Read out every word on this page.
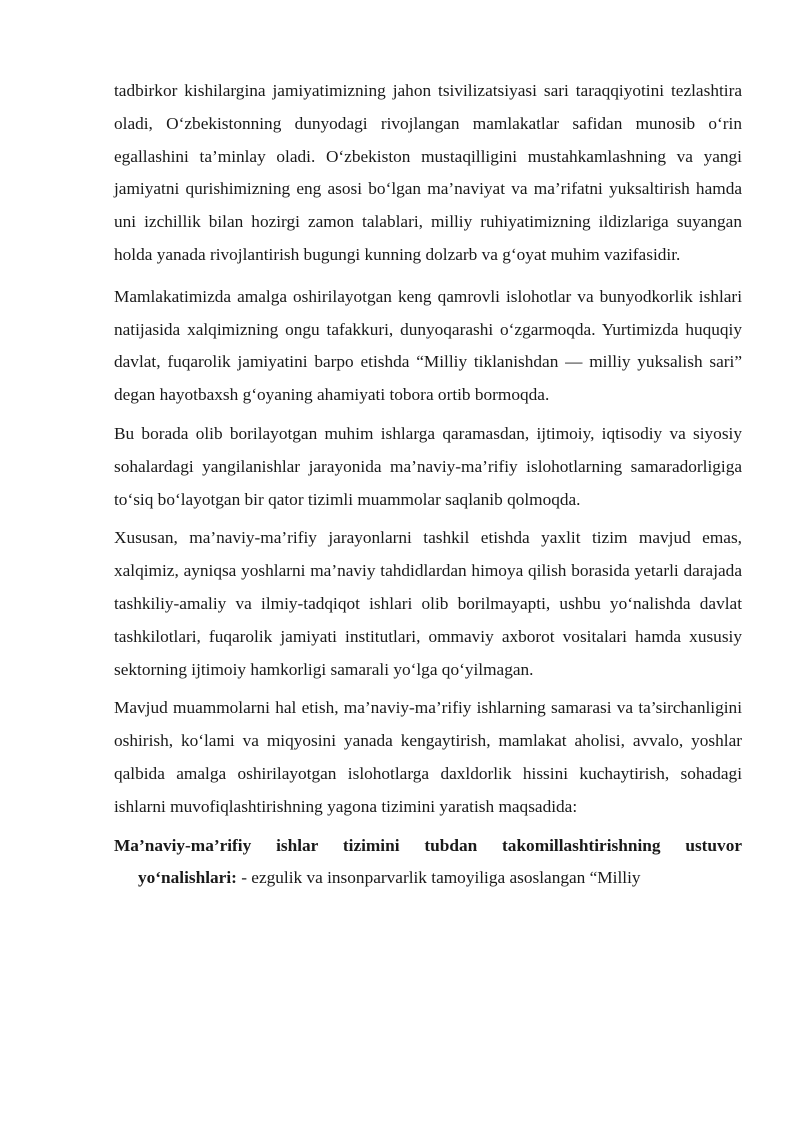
tadbirkor kishilargina jamiyatimizning jahon tsivilizatsiyasi sari taraqqiyotini tezlashtira oladi, O‘zbekistonning dunyodagi rivojlangan mamlakatlar safidan munosib o‘rin egallashini ta’minlay oladi. O‘zbekiston mustaqilligini mustahkamlashning va yangi jamiyatni qurishimizning eng asosi bo‘lgan ma’naviyat va ma’rifatni yuksaltirish hamda uni izchillik bilan hozirgi zamon talablari, milliy ruhiyatimizning ildizlariga suyangan holda yanada rivojlantirish bugungi kunning dolzarb va g‘oyat muhim vazifasidir.

Mamlakatimizda amalga oshirilayotgan keng qamrovli islohotlar va bunyodkorlik ishlari natijasida xalqimizning ongu tafakkuri, dunyoqarashi o‘zgarmoqda. Yurtimizda huquqiy davlat, fuqarolik jamiyatini barpo etishda “Milliy tiklanishdan — milliy yuksalish sari” degan hayotbaxsh g‘oyaning ahamiyati tobora ortib bormoqda.

Bu borada olib borilayotgan muhim ishlarga qaramasdan, ijtimoiy, iqtisodiy va siyosiy sohalardagi yangilanishlar jarayonida ma’naviy-ma’rifiy islohotlarning samaradorligiga to‘siq bo‘layotgan bir qator tizimli muammolar saqlanib qolmoqda.

Xususan, ma’naviy-ma’rifiy jarayonlarni tashkil etishda yaxlit tizim mavjud emas, xalqimiz, ayniqsa yoshlarni ma’naviy tahdidlardan himoya qilish borasida yetarli darajada tashkiliy-amaliy va ilmiy-tadqiqot ishlari olib borilmayapti, ushbu yo‘nalishda davlat tashkilotlari, fuqarolik jamiyati institutlari, ommaviy axborot vositalari hamda xususiy sektorning ijtimoiy hamkorligi samarali yo‘lga qo‘yilmagan.

Mavjud muammolarni hal etish, ma’naviy-ma’rifiy ishlarning samarasi va ta’sirchanligini oshirish, ko‘lami va miqyosini yanada kengaytirish, mamlakat aholisi, avvalo, yoshlar qalbida amalga oshirilayotgan islohotlarga daxldorlik hissini kuchaytirish, sohadagi ishlarni muvofiqlashtirishning yagona tizimini yaratish maqsadida:

Ma’naviy-ma’rifiy ishlar tizimini tubdan takomillashtirishning ustuvor yo‘nalishlari: - ezgulik va insonparvarlik tamoyiliga asoslangan “Milliy
